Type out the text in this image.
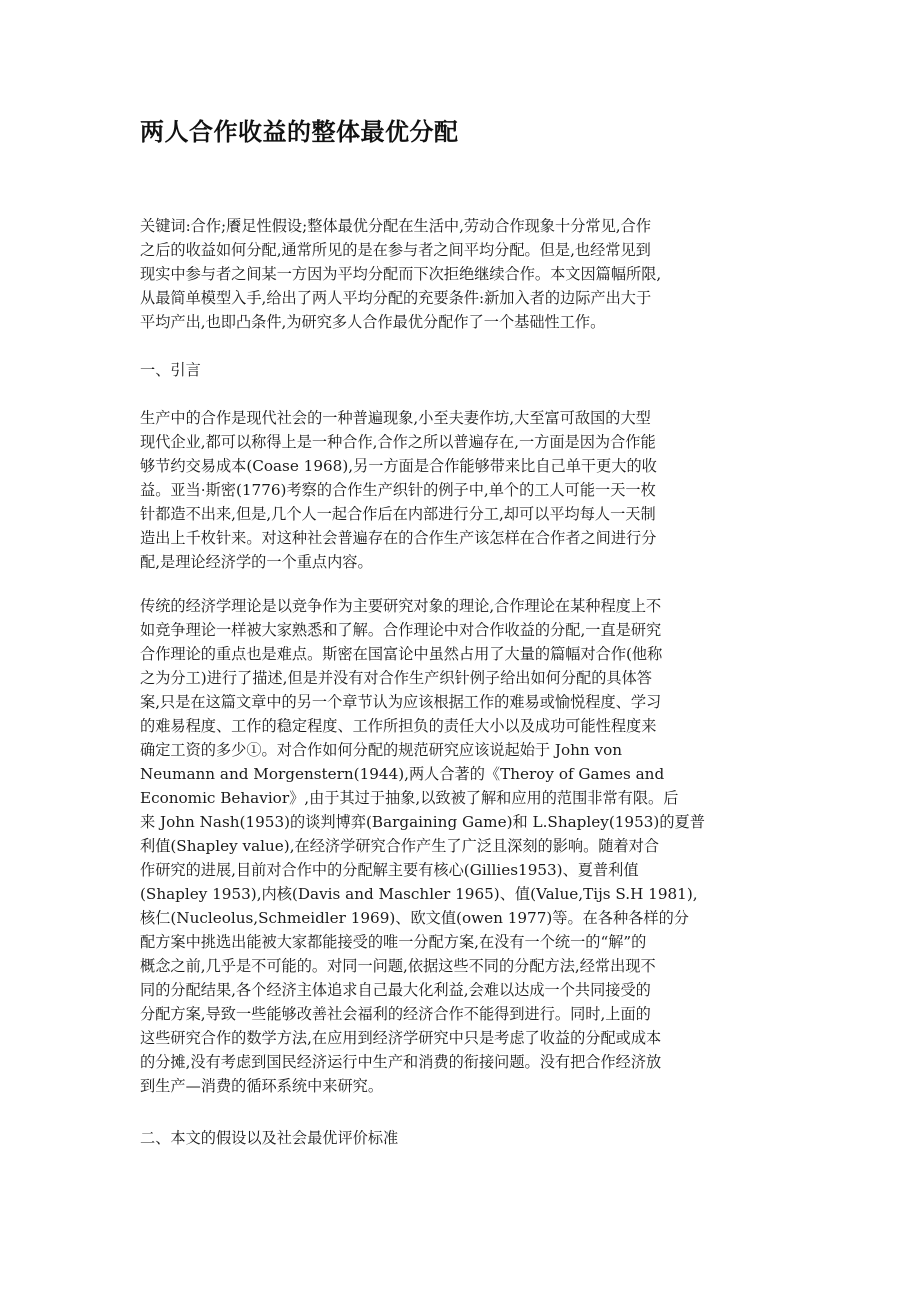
两人合作收益的整体最优分配
关键词:合作;餍足性假设;整体最优分配在生活中,劳动合作现象十分常见,合作
之后的收益如何分配,通常所见的是在参与者之间平均分配。但是,也经常见到
现实中参与者之间某一方因为平均分配而下次拒绝继续合作。本文因篇幅所限,
从最简单模型入手,给出了两人平均分配的充要条件:新加入者的边际产出大于
平均产出,也即凸条件,为研究多人合作最优分配作了一个基础性工作。
一、引言
生产中的合作是现代社会的一种普遍现象,小至夫妻作坊,大至富可敌国的大型
现代企业,都可以称得上是一种合作,合作之所以普遍存在,一方面是因为合作能
够节约交易成本(Coase 1968),另一方面是合作能够带来比自己单干更大的收
益。亚当·斯密(1776)考察的合作生产织针的例子中,单个的工人可能一天一枚
针都造不出来,但是,几个人一起合作后在内部进行分工,却可以平均每人一天制
造出上千枚针来。对这种社会普遍存在的合作生产该怎样在合作者之间进行分
配,是理论经济学的一个重点内容。
传统的经济学理论是以竞争作为主要研究对象的理论,合作理论在某种程度上不
如竞争理论一样被大家熟悉和了解。合作理论中对合作收益的分配,一直是研究
合作理论的重点也是难点。斯密在国富论中虽然占用了大量的篇幅对合作(他称
之为分工)进行了描述,但是并没有对合作生产织针例子给出如何分配的具体答
案,只是在这篇文章中的另一个章节认为应该根据工作的难易或愉悦程度、学习
的难易程度、工作的稳定程度、工作所担负的责任大小以及成功可能性程度来
确定工资的多少①。对合作如何分配的规范研究应该说起始于 John von
Neumann and Morgenstern(1944),两人合著的《Theroy of Games and
Economic Behavior》,由于其过于抽象,以致被了解和应用的范围非常有限。后
来 John Nash(1953)的谈判博弈(Bargaining Game)和 L.Shapley(1953)的夏普
利值(Shapley value),在经济学研究合作产生了广泛且深刻的影响。随着对合
作研究的进展,目前对合作中的分配解主要有核心(Gillies1953)、夏普利值
(Shapley 1953),内核(Davis and Maschler 1965)、值(Value,Tijs S.H 1981),
核仁(Nucleolus,Schmeidler 1969)、欧文值(owen 1977)等。在各种各样的分
配方案中挑选出能被大家都能接受的唯一分配方案,在没有一个统一的“解”的
概念之前,几乎是不可能的。对同一问题,依据这些不同的分配方法,经常出现不
同的分配结果,各个经济主体追求自己最大化利益,会难以达成一个共同接受的
分配方案,导致一些能够改善社会福利的经济合作不能得到进行。同时,上面的
这些研究合作的数学方法,在应用到经济学研究中只是考虑了收益的分配或成本
的分摊,没有考虑到国民经济运行中生产和消费的衔接问题。没有把合作经济放
到生产—消费的循环系统中来研究。
二、本文的假设以及社会最优评价标准
